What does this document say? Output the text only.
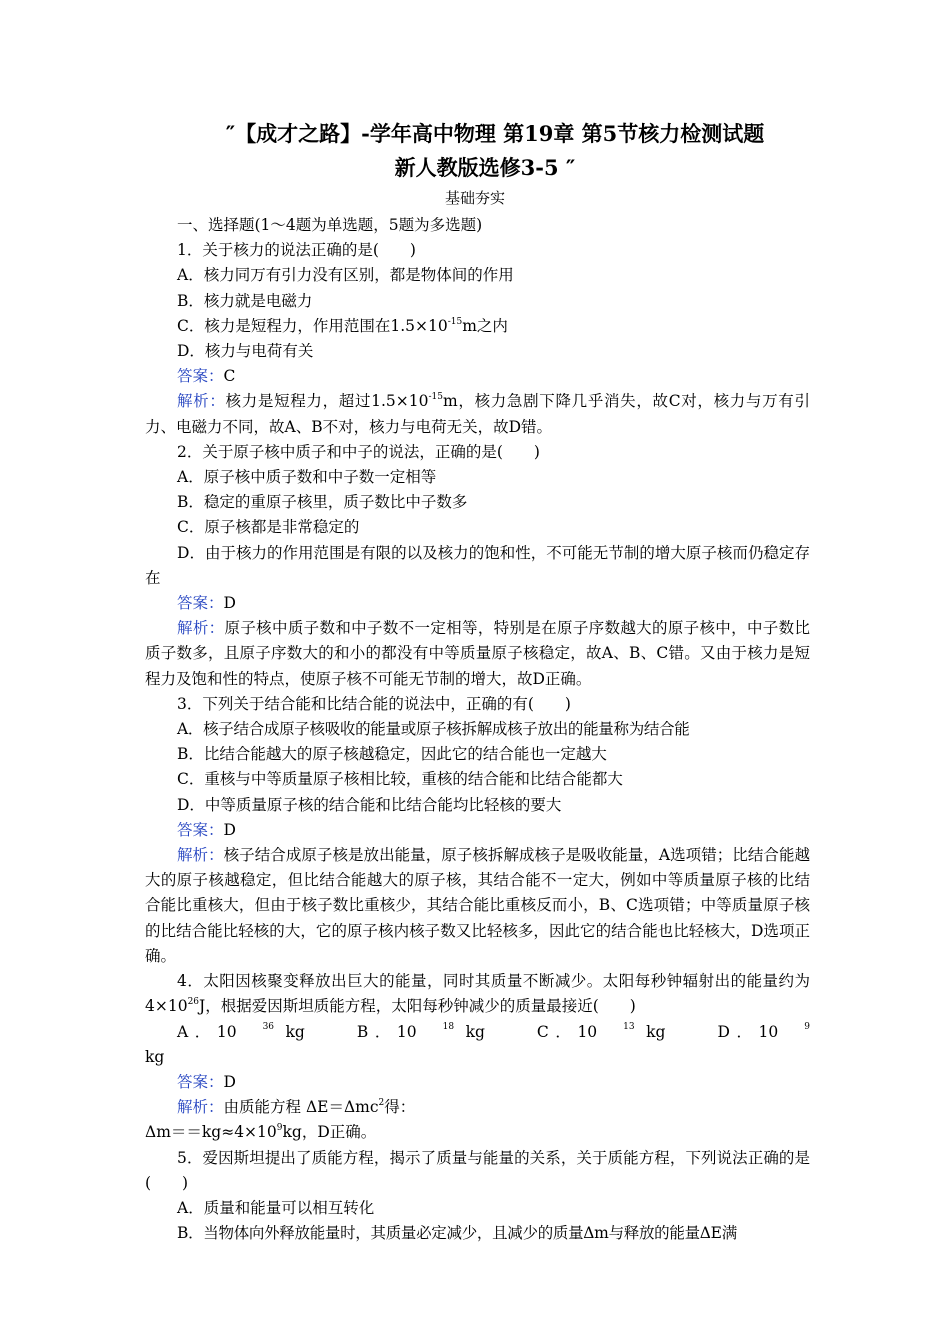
″【成才之路】-学年高中物理 第19章 第5节核力检测试题
新人教版选修3-5 ″
基础夯实

一、选择题(1～4题为单选题，5题为多选题)

1．关于核力的说法正确的是(　　)

A．核力同万有引力没有区别，都是物体间的作用

B．核力就是电磁力

C．核力是短程力，作用范围在$1.5\times 10^{-15}m$之内

D．核力与电荷有关

答案：C

解析：核力是短程力，超过$1.5\times 10^{-15}m$，核力急剧下降几乎消失，故C对，核力与万有引力、电磁力不同，故A、B不对，核力与电荷无关，故D错。

2．关于原子核中质子和中子的说法，正确的是(　　)

A．原子核中质子数和中子数一定相等

B．稳定的重原子核里，质子数比中子数多

C．原子核都是非常稳定的

D．由于核力的作用范围是有限的以及核力的饱和性，不可能无节制的增大原子核而仍稳定存在

答案：D

解析：原子核中质子数和中子数不一定相等，特别是在原子序数越大的原子核中，中子数比质子数多，且原子序数大的和小的都没有中等质量原子核稳定，故A、B、C错。又由于核力是短程力及饱和性的特点，使原子核不可能无节制的增大，故D正确。

3．下列关于结合能和比结合能的说法中，正确的有(　　)

A．核子结合成原子核吸收的能量或原子核拆解成核子放出的能量称为结合能

B．比结合能越大的原子核越稳定，因此它的结合能也一定越大

C．重核与中等质量原子核相比较，重核的结合能和比结合能都大

D．中等质量原子核的结合能和比结合能均比轻核的要大

答案：D

解析：核子结合成原子核是放出能量，原子核拆解成核子是吸收能量，A选项错；比结合能越大的原子核越稳定，但比结合能越大的原子核，其结合能不一定大，例如中等质量原子核的比结合能比重核大，但由于核子数比重核少，其结合能比重核反而小，B、C选项错；中等质量原子核的比结合能比轻核的大，它的原子核内核子数又比轻核多，因此它的结合能也比轻核大，D选项正确。

4．太阳因核聚变释放出巨大的能量，同时其质量不断减少。太阳每秒钟辐射出的能量约为$4\times 10^{26}J$，根据爱因斯坦质能方程，太阳每秒钟减少的质量最接近(　　)

A．10	$^{36}$ kg	B．10	$^{18}$ kg	C．10	$^{13}$ kg	D．10	$^9$ kg

答案：D

解析：由质能方程 ΔE＝Δmc$^2$得：

$\Delta m==kg\approx 4\times 10^9kg$，D正确。

5．爱因斯坦提出了质能方程，揭示了质量与能量的关系，关于质能方程，下列说法正确的是(　　)

A．质量和能量可以相互转化

B．当物体向外释放能量时，其质量必定减少，且减少的质量Δm与释放的能量ΔE满
